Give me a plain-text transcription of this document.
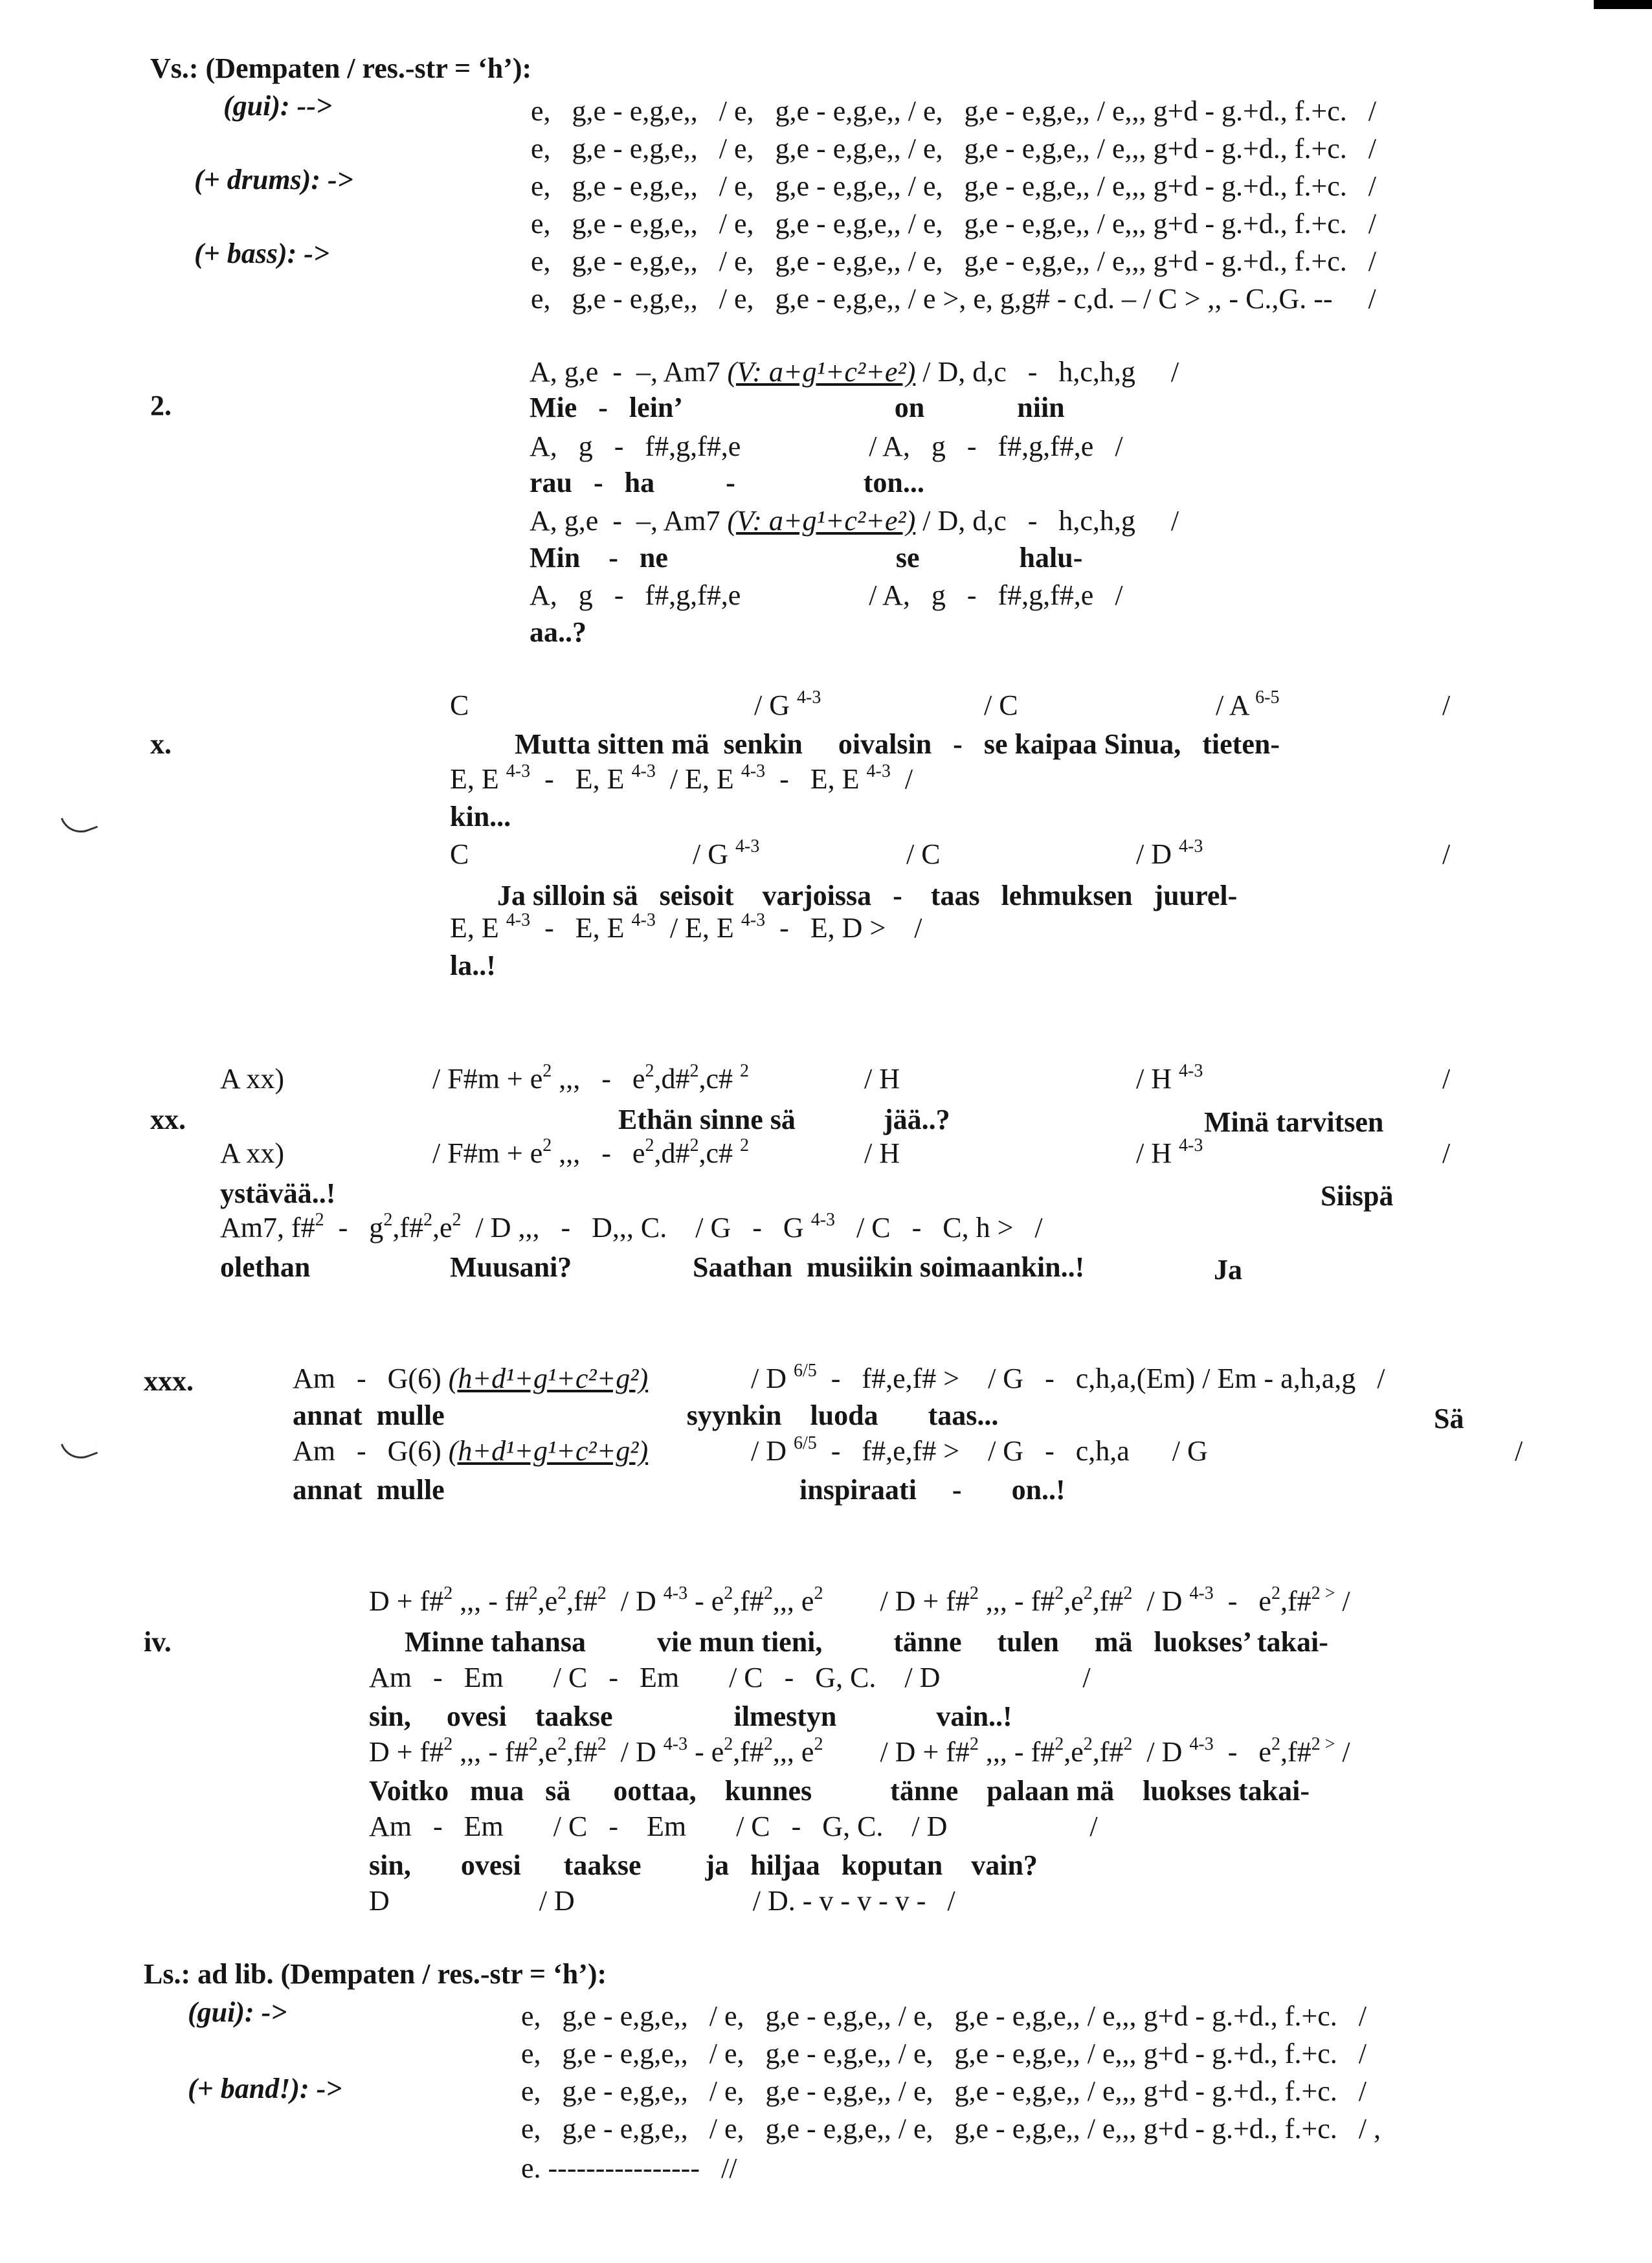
Vs.: (Dempaten / res.-str = ‘h’):
(gui): -->
(+ drums): ->
(+ bass): ->
e,   g,e - e,g,e,,   / e,   g,e - e,g,e,, / e,   g,e - e,g,e,, / e,,, g+d - g.+d., f.+c.   /
e,   g,e - e,g,e,,   / e,   g,e - e,g,e,, / e,   g,e - e,g,e,, / e,,, g+d - g.+d., f.+c.   /
e,   g,e - e,g,e,,   / e,   g,e - e,g,e,, / e,   g,e - e,g,e,, / e,,, g+d - g.+d., f.+c.   /
e,   g,e - e,g,e,,   / e,   g,e - e,g,e,, / e,   g,e - e,g,e,, / e,,, g+d - g.+d., f.+c.   /
e,   g,e - e,g,e,,   / e,   g,e - e,g,e,, / e,   g,e - e,g,e,, / e,,, g+d - g.+d., f.+c.   /
e,   g,e - e,g,e,,   / e,   g,e - e,g,e,, / e >, e, g,g# - c,d. – / C > ,, - C.,G. --     /
2.
A, g,e  -  –, Am7 (V: a+g¹+c²+e²) / D, d,c   -   h,c,h,g     /
Mie   -   lein’                              on             niin
A,   g   -   f#,g,f#,e                  / A,   g   -   f#,g,f#,e   /
rau   -   ha          -                  ton...
A, g,e  -  –, Am7 (V: a+g¹+c²+e²) / D, d,c   -   h,c,h,g     /
Min    -   ne                                se              halu-
A,   g   -   f#,g,f#,e                  / A,   g   -   f#,g,f#,e   /
aa..?
x.
C	/ G $^{4-3}$	/ C	/ A $^{6-5}$	/
Mutta sitten mä  senkin     oivalsin   -   se kaipaa Sinua,   tieten-
E, E $^{4-3}$  -   E, E $^{4-3}$  / E, E $^{4-3}$  -   E, E $^{4-3}$  /
kin...
C	/ G $^{4-3}$	/ C	/ D $^{4-3}$	/
Ja silloin sä   seisoit    varjoissa   -    taas   lehmuksen   juurel-
E, E $^{4-3}$  -   E, E $^{4-3}$  / E, E $^{4-3}$  -   E, D >    /
la..!
xx.
A xx)	/ F#m + $e^2$ ,,,   -   $e^2,d\#^2,c\#$ $^2$	/ H	/ H $^{4-3}$	/
Ethän sinne sä	jää..?	Minä tarvitsen
A xx)	/ F#m + $e^2$ ,,,   -   $e^2,d\#^2,c\#$ $^2$	/ H	/ H $^{4-3}$	/
ystävää..!	Siispä
Am7, f#$^2$  -   $g^2,f\#^2,e^2$  / D ,,,   -   D,,, C.    / G   -   G $^{4-3}$   / C   -   C, h >   /
olethan	Muusani?	Saathan  musiikin soimaankin..!	Ja
xxx.	Am   -   G(6) (h+d¹+g¹+c²+g²)	/ D $^{6/5}$  -   f#,e,f# >    / G   -   c,h,a,(Em) / Em - a,h,a,g   /
annat  mulle                                  syynkin    luoda       taas...	Sä
Am   -   G(6) (h+d¹+g¹+c²+g²)	/ D $^{6/5}$  -   f#,e,f# >    / G   -   c,h,a      / G	/
annat  mulle	inspiraati     -       on..!
iv.
D + f#$^2$ ,,, - $f\#^2,e^2,f\#^2$  / D $^{4-3} - e^2,f\#^2$,,, $e^2$        / D + f#$^2$ ,,, - $f\#^2,e^2,f\#^2$  / D $^{4-3} - e^2,f\#^{2 >}$ /
Minne tahansa          vie mun tieni,          tänne     tulen     mä   luokses’ takai-
Am   -   Em       / C   -   Em       / C   -   G, C.    / D                    /
sin,     ovesi    taakse                 ilmestyn              vain..!
D + f#$^2$ ,,, - $f\#^2,e^2,f\#^2$  / D $^{4-3} - e^2,f\#^2$,,, $e^2$        / D + f#$^2$ ,,, - $f\#^2,e^2,f\#^2$  / D $^{4-3} - e^2,f\#^{2 >}$ /
Voitko   mua   sä      oottaa,    kunnes           tänne    palaan mä    luokses takai-
Am   -   Em       / C   -    Em       / C   -   G, C.    / D                    /
sin,       ovesi      taakse         ja   hiljaa   koputan    vain?
D                     / D                         / D. - v - v - v -   /
Ls.: ad lib. (Dempaten / res.-str = ‘h’):
(gui): ->
(+ band!): ->
e,   g,e - e,g,e,,   / e,   g,e - e,g,e,, / e,   g,e - e,g,e,, / e,,, g+d - g.+d., f.+c.   /
e,   g,e - e,g,e,,   / e,   g,e - e,g,e,, / e,   g,e - e,g,e,, / e,,, g+d - g.+d., f.+c.   /
e,   g,e - e,g,e,,   / e,   g,e - e,g,e,, / e,   g,e - e,g,e,, / e,,, g+d - g.+d., f.+c.   /
e,   g,e - e,g,e,,   / e,   g,e - e,g,e,, / e,   g,e - e,g,e,, / e,,, g+d - g.+d., f.+c.   / ,
e. ----------------   //
